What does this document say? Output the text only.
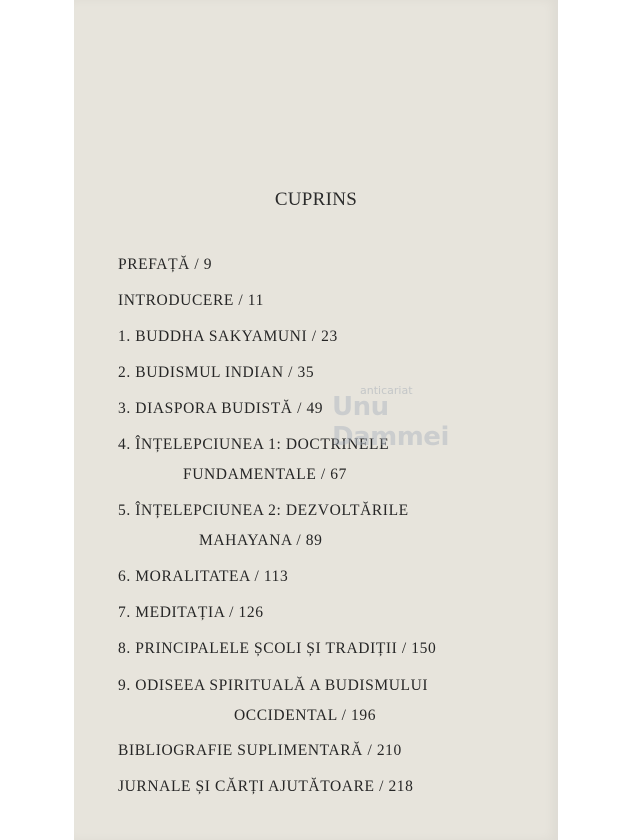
CUPRINS
PREFAȚĂ / 9
INTRODUCERE / 11
1. BUDDHA SAKYAMUNI / 23
2. BUDISMUL INDIAN / 35
3. DIASPORA BUDISTĂ / 49
4. ÎNȚELEPCIUNEA 1: DOCTRINELE
FUNDAMENTALE / 67
5. ÎNȚELEPCIUNEA 2: DEZVOLTĂRILE
MAHAYANA / 89
6. MORALITATEA / 113
7. MEDITAȚIA / 126
8. PRINCIPALELE ȘCOLI ȘI TRADIȚII / 150
9. ODISEEA SPIRITUALĂ A BUDISMULUI
OCCIDENTAL / 196
BIBLIOGRAFIE SUPLIMENTARĂ / 210
JURNALE ȘI CĂRȚI AJUTĂTOARE / 218
anticariat
Unu Dammei
